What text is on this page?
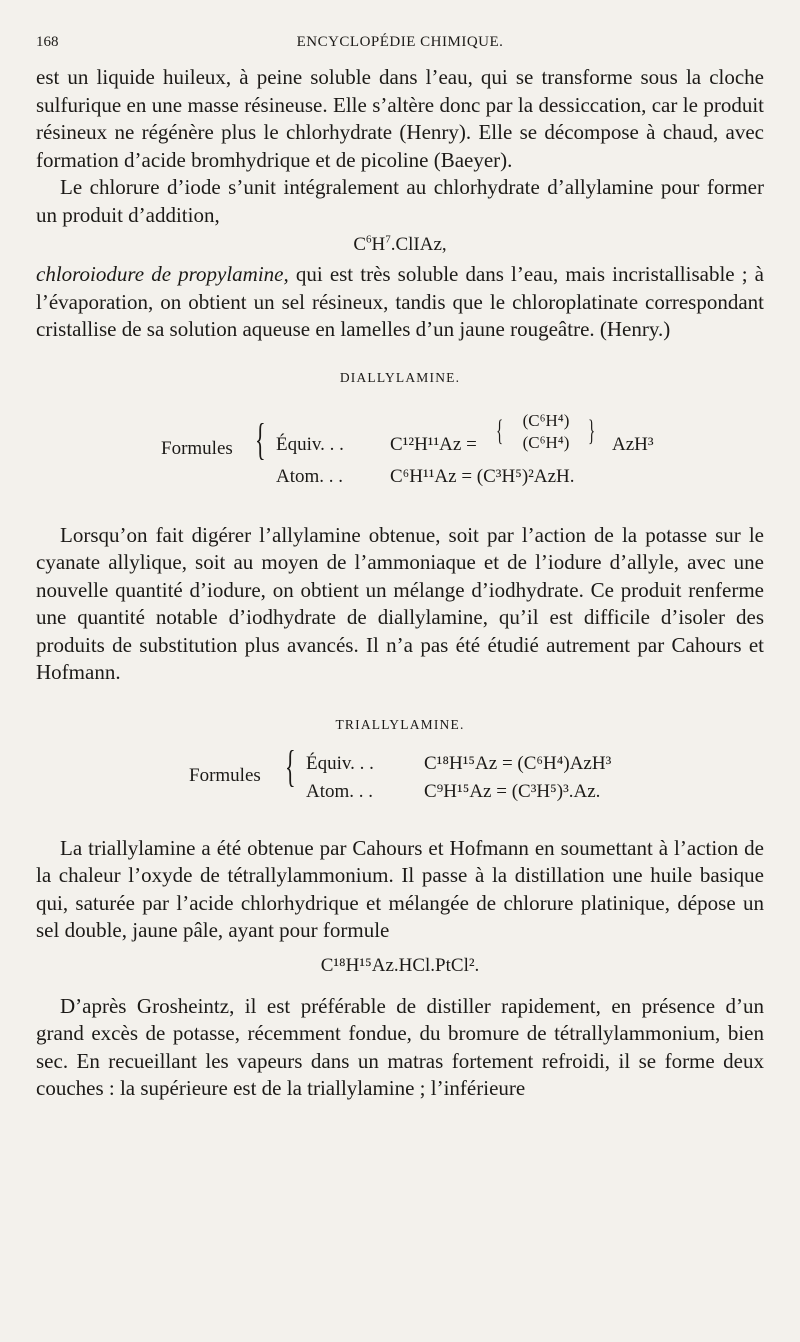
168	ENCYCLOPÉDIE CHIMIQUE.

est un liquide huileux, à peine soluble dans l’eau, qui se transforme sous la cloche sulfurique en une masse résineuse. Elle s’altère donc par la dessiccation, car le produit résineux ne régénère plus le chlorhydrate (Henry). Elle se décompose à chaud, avec formation d’acide bromhydrique et de picoline (Baeyer).

Le chlorure d’iode s’unit intégralement au chlorhydrate d’allylamine pour former un produit d’addition,

$C^6H^7.ClIAz$,

chloroiodure de propylamine, qui est très soluble dans l’eau, mais incristallisable ; à l’évaporation, on obtient un sel résineux, tandis que le chloroplatinate correspondant cristallise de sa solution aqueuse en lamelles d’un jaune rougeâtre. (Henry.)

DIALLYLAMINE.
Formules { Équiv. . . C¹²H¹¹Az = {	(C⁶H⁴)
(C⁶H⁴) } AzH³
Atom. . . C⁶H¹¹Az = (C³H⁵)²AzH.

Lorsqu’on fait digérer l’allylamine obtenue, soit par l’action de la potasse sur le cyanate allylique, soit au moyen de l’ammoniaque et de l’iodure d’allyle, avec une nouvelle quantité d’iodure, on obtient un mélange d’iodhydrate. Ce produit renferme une quantité notable d’iodhydrate de diallylamine, qu’il est difficile d’isoler des produits de substitution plus avancés. Il n’a pas été étudié autrement par Cahours et Hofmann.

TRIALLYLAMINE.
Formules { Équiv. . .	C¹⁸H¹⁵Az = (C⁶H⁴)AzH³
Atom. . .	C⁹H¹⁵Az = (C³H⁵)³.Az.

La triallylamine a été obtenue par Cahours et Hofmann en soumettant à l’action de la chaleur l’oxyde de tétrallylammonium. Il passe à la distillation une huile basique qui, saturée par l’acide chlorhydrique et mélangée de chlorure platinique, dépose un sel double, jaune pâle, ayant pour formule

C¹⁸H¹⁵Az.HCl.PtCl².

D’après Grosheintz, il est préférable de distiller rapidement, en présence d’un grand excès de potasse, récemment fondue, du bromure de tétrallylammonium, bien sec. En recueillant les vapeurs dans un matras fortement refroidi, il se forme deux couches : la supérieure est de la triallylamine ; l’inférieure
